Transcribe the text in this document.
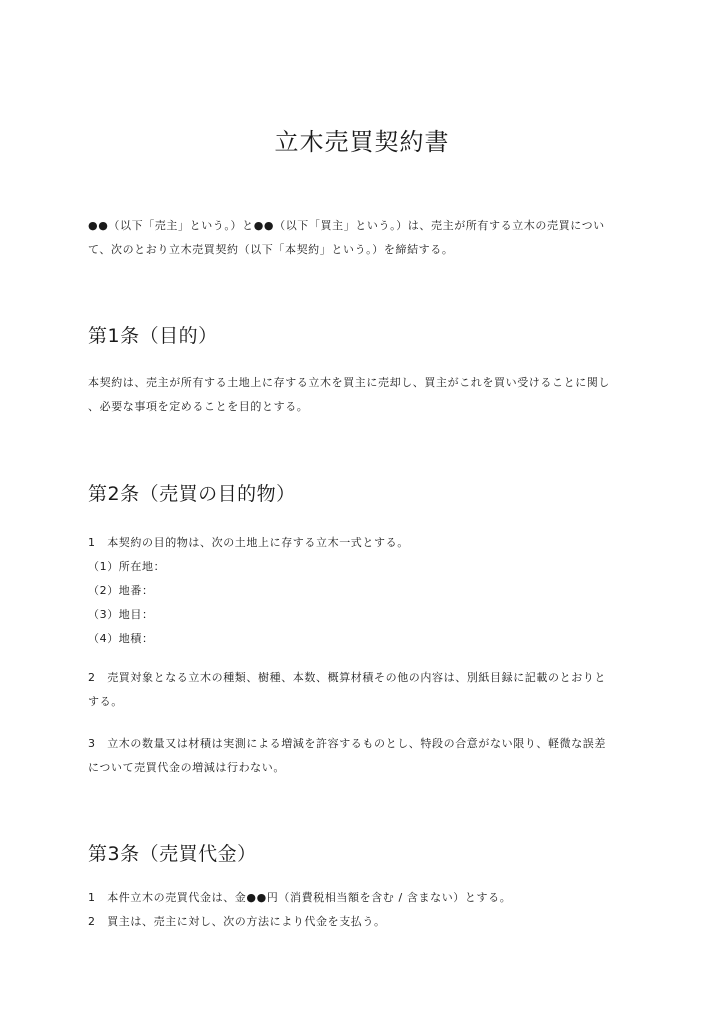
立木売買契約書
●●（以下「売主」という。）と●●（以下「買主」という。）は、売主が所有する立木の売買につい
て、次のとおり立木売買契約（以下「本契約」という。）を締結する。
第1条（目的）
本契約は、売主が所有する土地上に存する立木を買主に売却し、買主がこれを買い受けることに関し
、必要な事項を定めることを目的とする。
第2条（売買の目的物）
1　本契約の目的物は、次の土地上に存する立木一式とする。
（1）所在地：
（2）地番：
（3）地目：
（4）地積：
2　売買対象となる立木の種類、樹種、本数、概算材積その他の内容は、別紙目録に記載のとおりと
する。
3　立木の数量又は材積は実測による増減を許容するものとし、特段の合意がない限り、軽微な誤差
について売買代金の増減は行わない。
第3条（売買代金）
1　本件立木の売買代金は、金●●円（消費税相当額を含む / 含まない）とする。
2　買主は、売主に対し、次の方法により代金を支払う。
